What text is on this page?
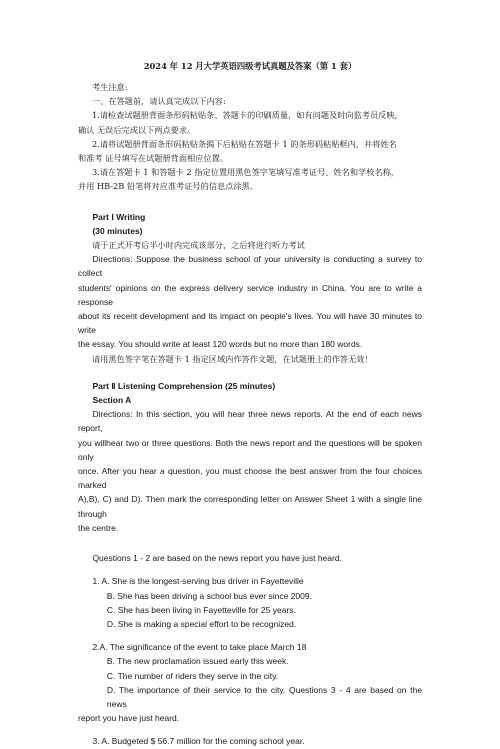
2024 年 12 月大学英语四级考试真题及答案（第 1 套）

考生注意:

一、在答题前，请认真完成以下内容:

1.请检查试题册背面条形码粘贴条、答题卡的印刷质量，如有问题及时向监考员反映，

确认 无误后完成以下两点要求。

2.请将试题册背面条形码粘贴条揭下后粘贴在答题卡 1 的条形码粘贴框内，并将姓名

和准考 证号填写在试题册背面相应位置。

3.请在答题卡 1 和答题卡 2 指定位置用黑色签字笔填写准考证号、姓名和学校名称，

并用 HB-2B 铅笔将对应准考证号的信息点涂黑。

Part Ⅰ Writing

(30 minutes)

请于正式开考后半小时内完成该部分，之后将进行听力考试

Directions: Suppose the business school of your university is conducting a survey to collect

students' opinions on the express delivery service industry in China. You are to write a response

about its recent development and its impact on people's lives. You will have 30 minutes to write

the essay. You should write at least 120 words but no more than 180 words.

请用黑色签字笔在答题卡 1 指定区域内作答作文题，在试题册上的作答无效！

Part Ⅱ Listening Comprehension (25 minutes)

Section A

Directions: In this section, you will hear three news reports. At the end of each news report,

you willhear two or three questions. Both the news report and the questions will be spoken only

once. After you hear a question, you must choose the best answer from the four choices marked

A),B), C) and D). Then mark the corresponding letter on Answer Sheet 1 with a single line through

the centre.

Questions 1 - 2 are based on the news report you have just heard.

1. A. She is the longest-serving bus driver in Fayetteville

B. She has been driving a school bus ever since 2009.

C. She has been living in Fayetteville for 25 years.

D. She is making a special effort to be recognized.

2.A. The significance of the event to take place March 18

B. The new proclamation issued early this week.

C. The number of riders they serve in the city.

D. The importance of their service to the city. Questions 3 - 4 are based on the news

report you have just heard.

3. A. Budgeted $ 56.7 million for the coming school year.
